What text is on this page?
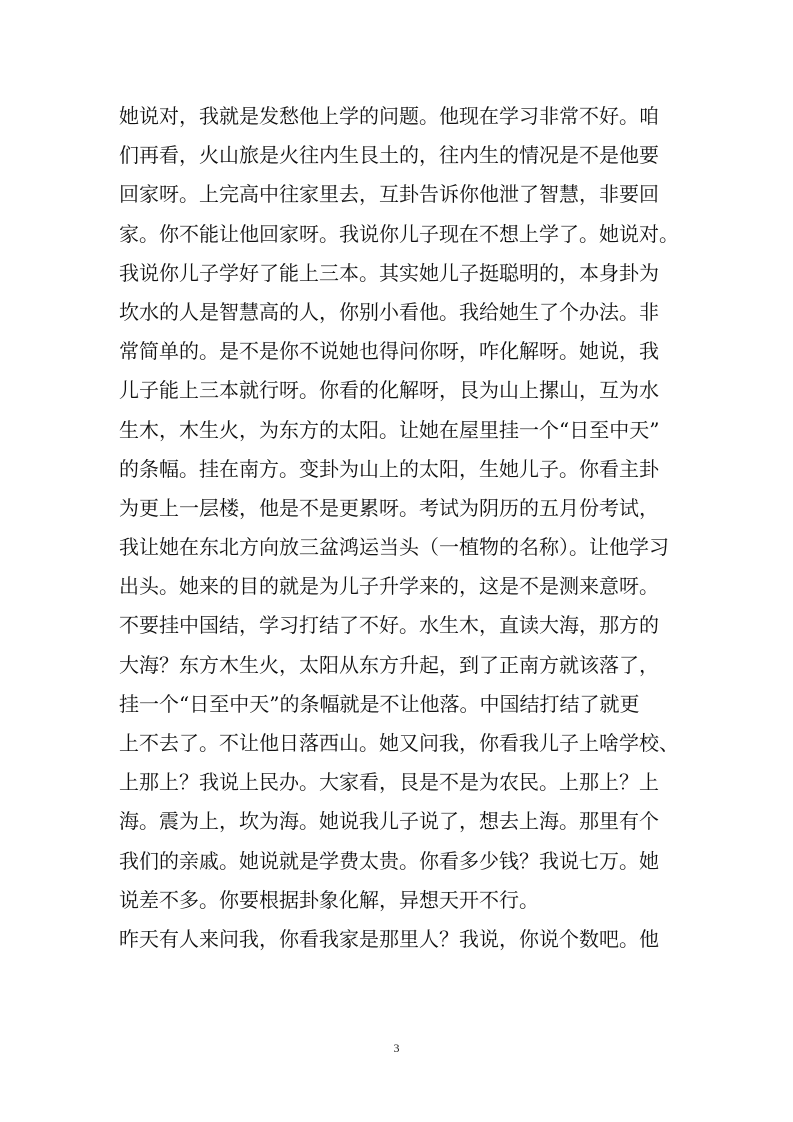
她说对，我就是发愁他上学的问题。他现在学习非常不好。咱
们再看，火山旅是火往内生艮土的，往内生的情况是不是他要
回家呀。上完高中往家里去，互卦告诉你他泄了智慧，非要回
家。你不能让他回家呀。我说你儿子现在不想上学了。她说对。
我说你儿子学好了能上三本。其实她儿子挺聪明的，本身卦为
坎水的人是智慧高的人，你别小看他。我给她生了个办法。非
常简单的。是不是你不说她也得问你呀，咋化解呀。她说，我
儿子能上三本就行呀。你看的化解呀，艮为山上摞山，互为水
生木，木生火，为东方的太阳。让她在屋里挂一个“日至中天”
的条幅。挂在南方。变卦为山上的太阳，生她儿子。你看主卦
为更上一层楼，他是不是更累呀。考试为阴历的五月份考试，
我让她在东北方向放三盆鸿运当头（一植物的名称）。让他学习
出头。她来的目的就是为儿子升学来的，这是不是测来意呀。
不要挂中国结，学习打结了不好。水生木，直读大海，那方的
大海？东方木生火，太阳从东方升起，到了正南方就该落了，
挂一个“日至中天”的条幅就是不让他落。中国结打结了就更
上不去了。不让他日落西山。她又问我，你看我儿子上啥学校、
上那上？我说上民办。大家看，艮是不是为农民。上那上？上
海。震为上，坎为海。她说我儿子说了，想去上海。那里有个
我们的亲戚。她说就是学费太贵。你看多少钱？我说七万。她
说差不多。你要根据卦象化解，异想天开不行。
昨天有人来问我，你看我家是那里人？我说，你说个数吧。他
3
